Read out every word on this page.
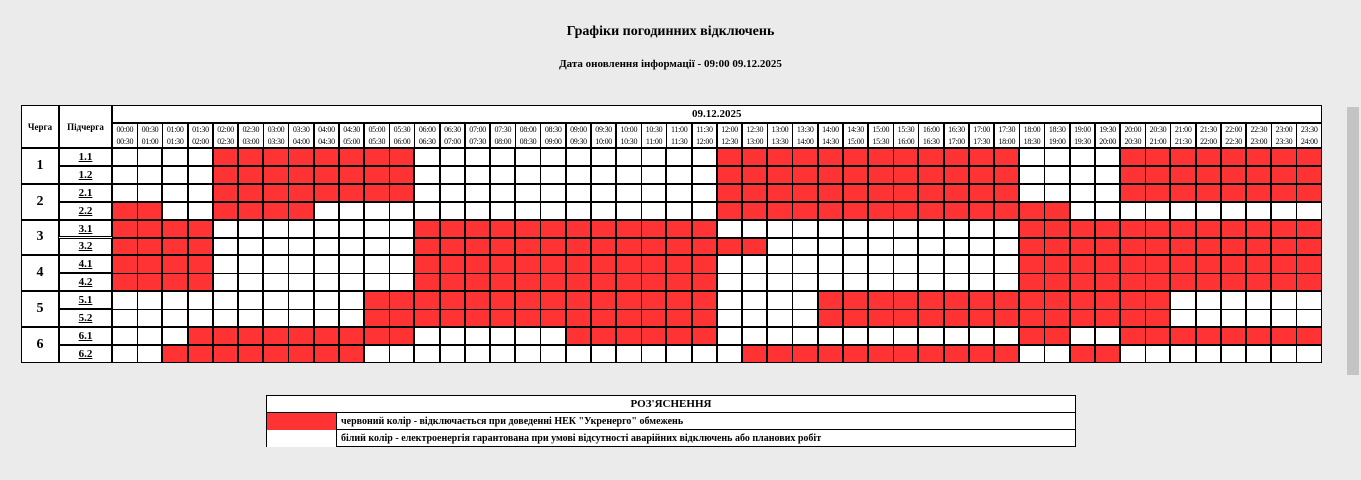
Графіки погодинних відключень
Дата оновлення інформації - 09:00 09.12.2025
Черга	Підчерга
09.12.2025
00:00
00:30
00:30
01:00
01:00
01:30
01:30
02:00
02:00
02:30
02:30
03:00
03:00
03:30
03:30
04:00
04:00
04:30
04:30
05:00
05:00
05:30
05:30
06:00
06:00
06:30
06:30
07:00
07:00
07:30
07:30
08:00
08:00
08:30
08:30
09:00
09:00
09:30
09:30
10:00
10:00
10:30
10:30
11:00
11:00
11:30
11:30
12:00
12:00
12:30
12:30
13:00
13:00
13:30
13:30
14:00
14:00
14:30
14:30
15:00
15:00
15:30
15:30
16:00
16:00
16:30
16:30
17:00
17:00
17:30
17:30
18:00
18:00
18:30
18:30
19:00
19:00
19:30
19:30
20:00
20:00
20:30
20:30
21:00
21:00
21:30
21:30
22:00
22:00
22:30
22:30
23:00
23:00
23:30
23:30
24:00
1
1.1
1.2
2
2.1
2.2
3
3.1
3.2
4
4.1
4.2
5
5.1
5.2
6
6.1
6.2
РОЗ'ЯСНЕННЯ
червоний колір - відключається при доведенні НЕК "Укренерго" обмежень
білий колір - електроенергія гарантована при умові відсутності аварійних відключень або планових робіт
